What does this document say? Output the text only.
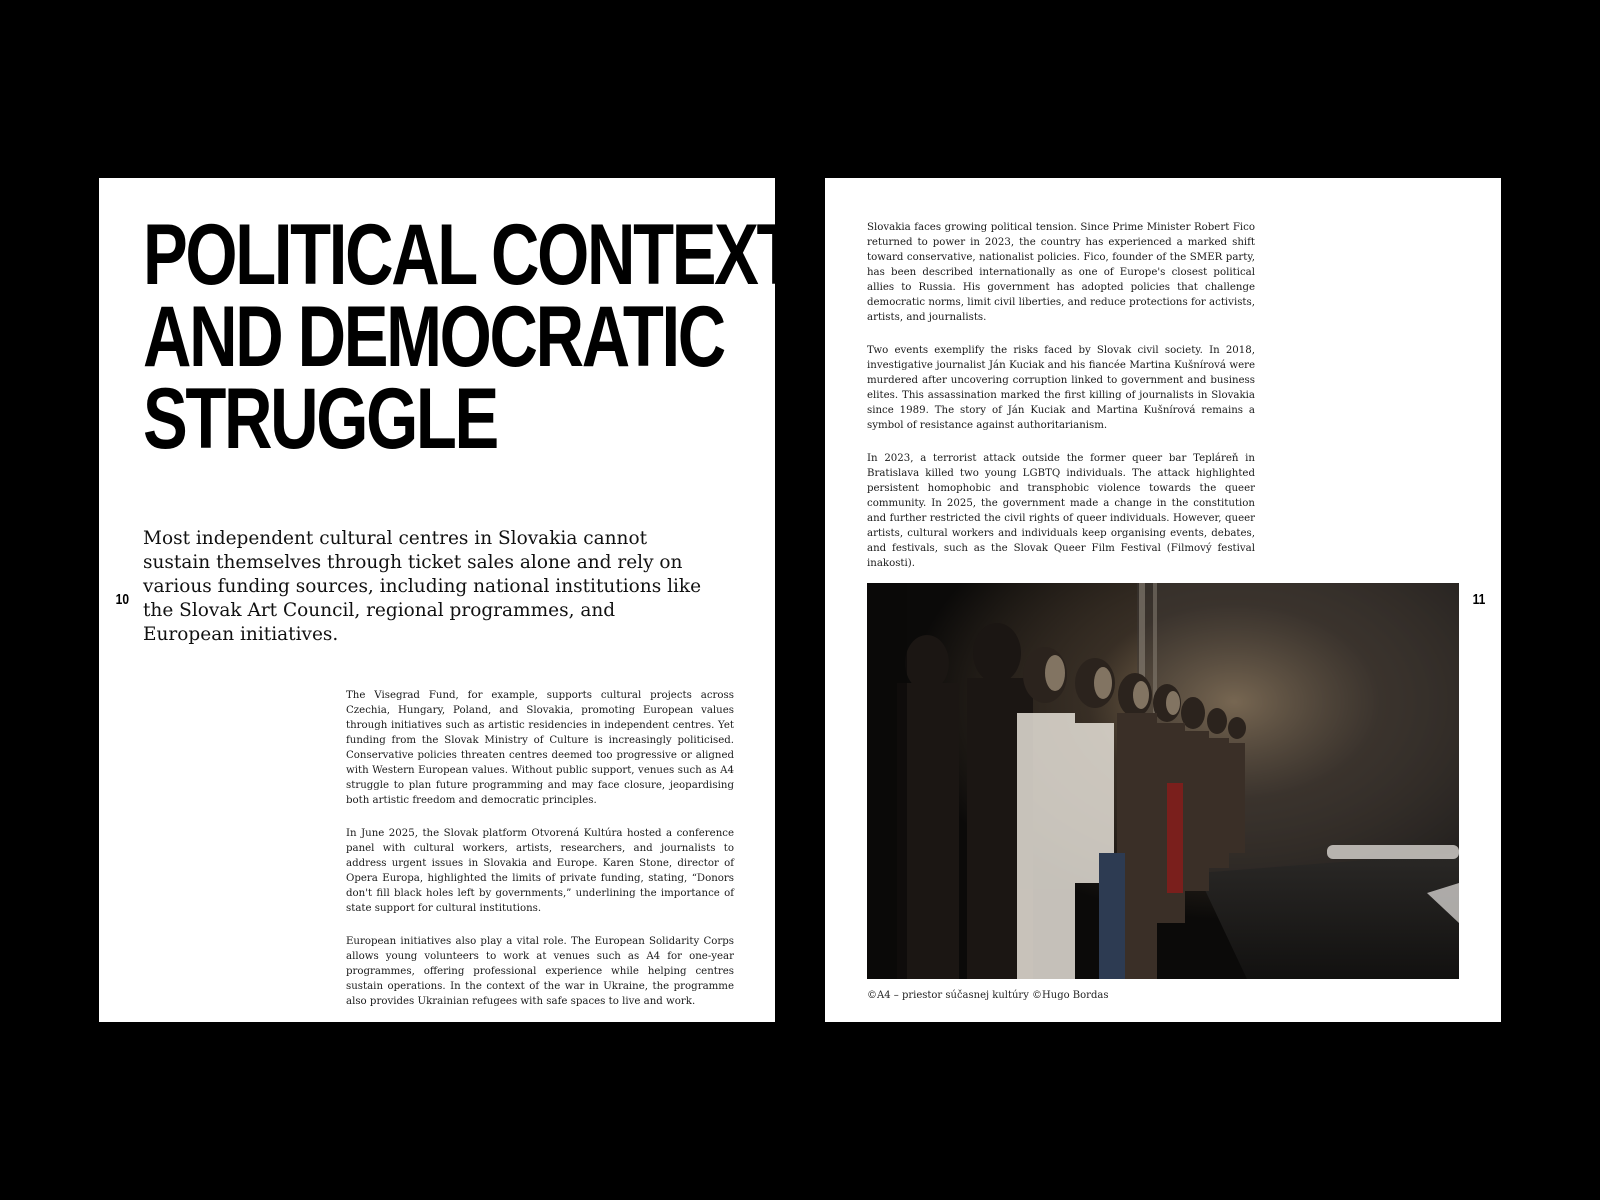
POLITICAL CONTEXT
AND DEMOCRATIC
STRUGGLE

Most independent cultural centres in Slovakia cannot sustain themselves through ticket sales alone and rely on various funding sources, including national institutions like the Slovak Art Council, regional programmes, and European initiatives.

10

The Visegrad Fund, for example, supports cultural projects across Czechia, Hungary, Poland, and Slovakia, promoting European values through initiatives such as artistic residencies in independent centres. Yet funding from the Slovak Ministry of Culture is increasingly politicised. Conservative policies threaten centres deemed too progressive or aligned with Western European values. Without public support, venues such as A4 struggle to plan future programming and may face closure, jeopardising both artistic freedom and democratic principles.

In June 2025, the Slovak platform Otvorená Kultúra hosted a conference panel with cultural workers, artists, researchers, and journalists to address urgent issues in Slovakia and Europe. Karen Stone, director of Opera Europa, highlighted the limits of private funding, stating, “Donors don't fill black holes left by governments,” underlining the importance of state support for cultural institutions.

European initiatives also play a vital role. The European Solidarity Corps allows young volunteers to work at venues such as A4 for one-year programmes, offering professional experience while helping centres sustain operations. In the context of the war in Ukraine, the programme also provides Ukrainian refugees with safe spaces to live and work.

Slovakia faces growing political tension. Since Prime Minister Robert Fico returned to power in 2023, the country has experienced a marked shift toward conservative, nationalist policies. Fico, founder of the SMER party, has been described internationally as one of Europe's closest political allies to Russia. His government has adopted policies that challenge democratic norms, limit civil liberties, and reduce protections for activists, artists, and journalists.

Two events exemplify the risks faced by Slovak civil society. In 2018, investigative journalist Ján Kuciak and his fiancée Martina Kušnírová were murdered after uncovering corruption linked to government and business elites. This assassination marked the first killing of journalists in Slovakia since 1989. The story of Ján Kuciak and Martina Kušnírová remains a symbol of resistance against authoritarianism.

In 2023, a terrorist attack outside the former queer bar Tepláreň in Bratislava killed two young LGBTQ individuals. The attack highlighted persistent homophobic and transphobic violence towards the queer community. In 2025, the government made a change in the constitution and further restricted the civil rights of queer individuals. However, queer artists, cultural workers and individuals keep organising events, debates, and festivals, such as the Slovak Queer Film Festival (Filmový festival inakosti).

11
©A4 – priestor súčasnej kultúry ©Hugo Bordas
